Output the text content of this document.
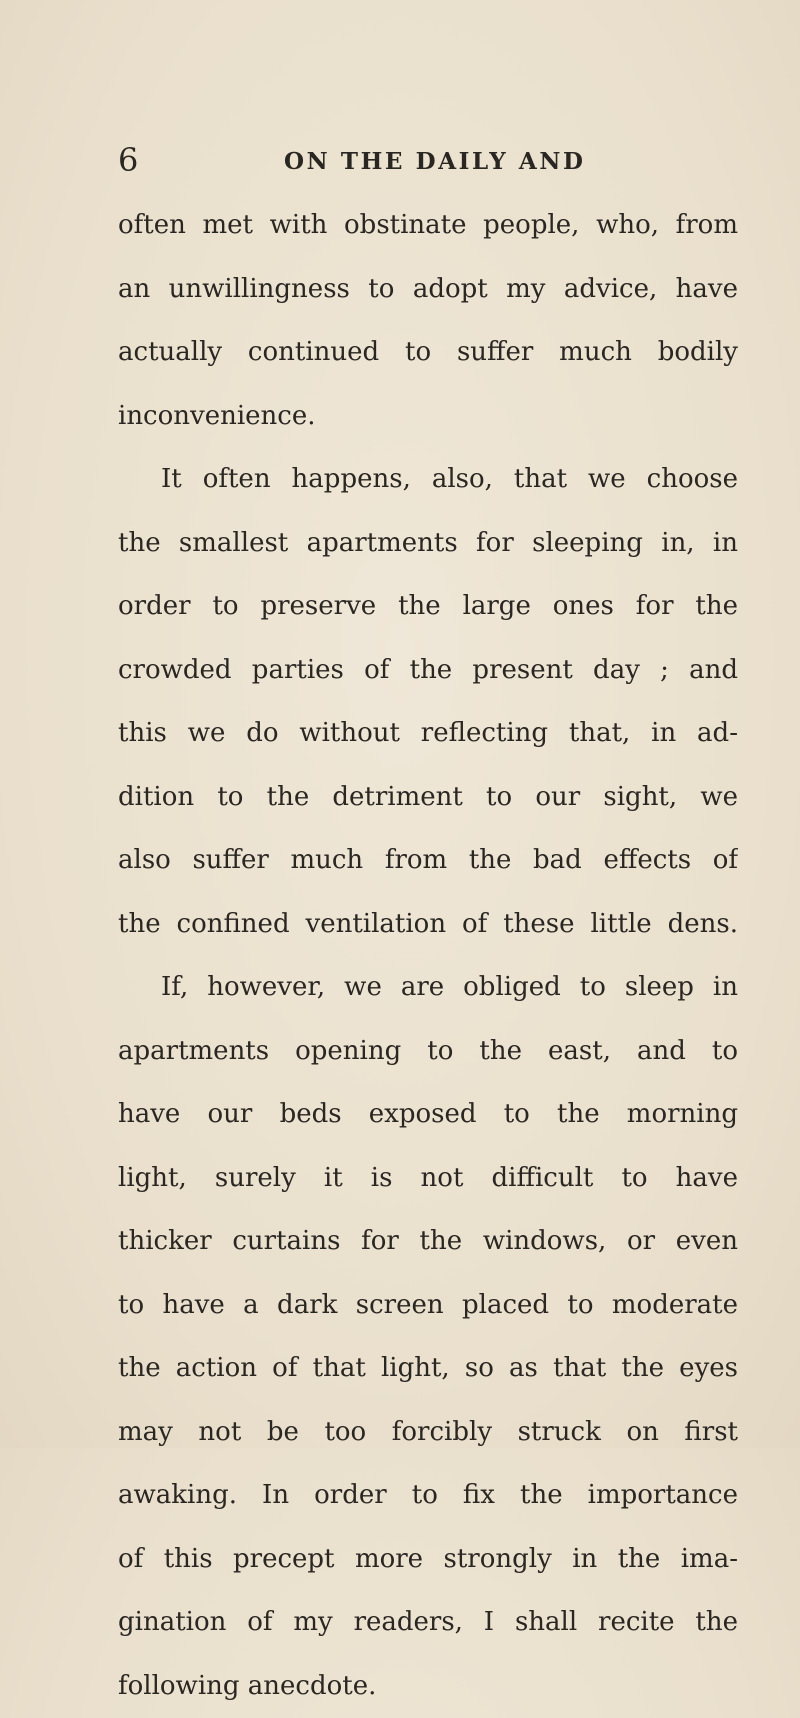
6	ON THE DAILY AND
often met with obstinate people, who, from
an unwillingness to adopt my advice, have
actually continued to suffer much bodily
inconvenience.
It often happens, also, that we choose
the smallest apartments for sleeping in, in
order to preserve the large ones for the
crowded parties of the present day ; and
this we do without reflecting that, in ad-
dition to the detriment to our sight, we
also suffer much from the bad effects of
the confined ventilation of these little dens.
If, however, we are obliged to sleep in
apartments opening to the east, and to
have our beds exposed to the morning
light, surely it is not difficult to have
thicker curtains for the windows, or even
to have a dark screen placed to moderate
the action of that light, so as that the eyes
may not be too forcibly struck on first
awaking. In order to fix the importance
of this precept more strongly in the ima-
gination of my readers, I shall recite the
following anecdote.
